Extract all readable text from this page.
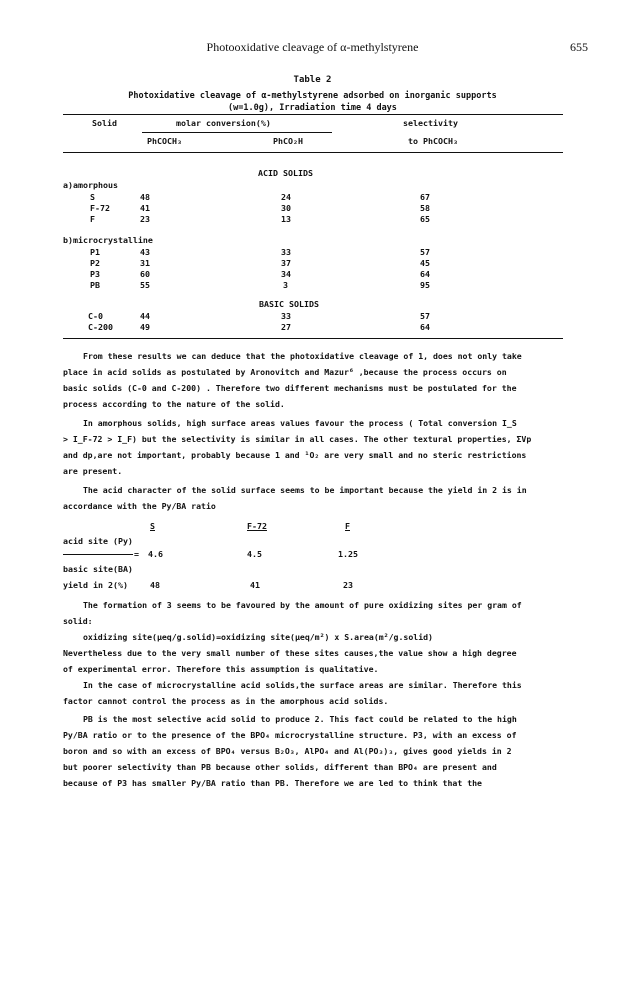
Photooxidative cleavage of α-methylstyrene	655
Table 2
Photoxidative cleavage of α-methylstyrene adsorbed on inorganic supports
(w=1.0g), Irradiation time 4 days
Solid	molar conversion(%)	selectivity
PhCOCH₃	PhCO₂H	to PhCOCH₃
ACID SOLIDS
a)amorphous
S	48	24	67
F-72	41	30	58
F	23	13	65
b)microcrystalline
P1	43	33	57
P2	31	37	45
P3	60	34	64
PB	55	3	95
BASIC SOLIDS
C-0	44	33	57
C-200	49	27	64

From these results we can deduce that the photoxidative cleavage of 1, does not only take

place in acid solids as postulated by Aronovitch and Mazur⁶ ,because the process occurs on

basic solids (C-0 and C-200) . Therefore two different mechanisms must be postulated for the

process according to the nature of the solid.

In amorphous solids, high surface areas values favour the process ( Total conversion I_S

> I_F-72 > I_F) but the selectivity is similar in all cases. The other textural properties, ΣVp

and dp,are not important, probably because 1 and ¹O₂ are very small and no steric restrictions

are present.

The acid character of the solid surface seems to be important because the yield in 2 is in

accordance with the Py/BA ratio

S	F-72	F
acid site (Py)
= 4.6	4.5	1.25
basic site(BA)
yield in 2(%)	48	41	23

The formation of 3 seems to be favoured by the amount of pure oxidizing sites per gram of

solid:

oxidizing site(μeq/g.solid)=oxidizing site(μeq/m²) x S.area(m²/g.solid)

Nevertheless due to the very small number of these sites causes,the value show a high degree

of experimental error. Therefore this assumption is qualitative.

In the case of microcrystalline acid solids,the surface areas are similar. Therefore this

factor cannot control the process as in the amorphous acid solids.

PB is the most selective acid solid to produce 2. This fact could be related to the high

Py/BA ratio or to the presence of the BPO₄ microcrystalline structure. P3, with an excess of

boron and so with an excess of BPO₄ versus B₂O₃, AlPO₄ and Al(PO₃)₃, gives good yields in 2

but poorer selectivity than PB because other solids, different than BPO₄ are present and

because of P3 has smaller Py/BA ratio than PB. Therefore we are led to think that the
